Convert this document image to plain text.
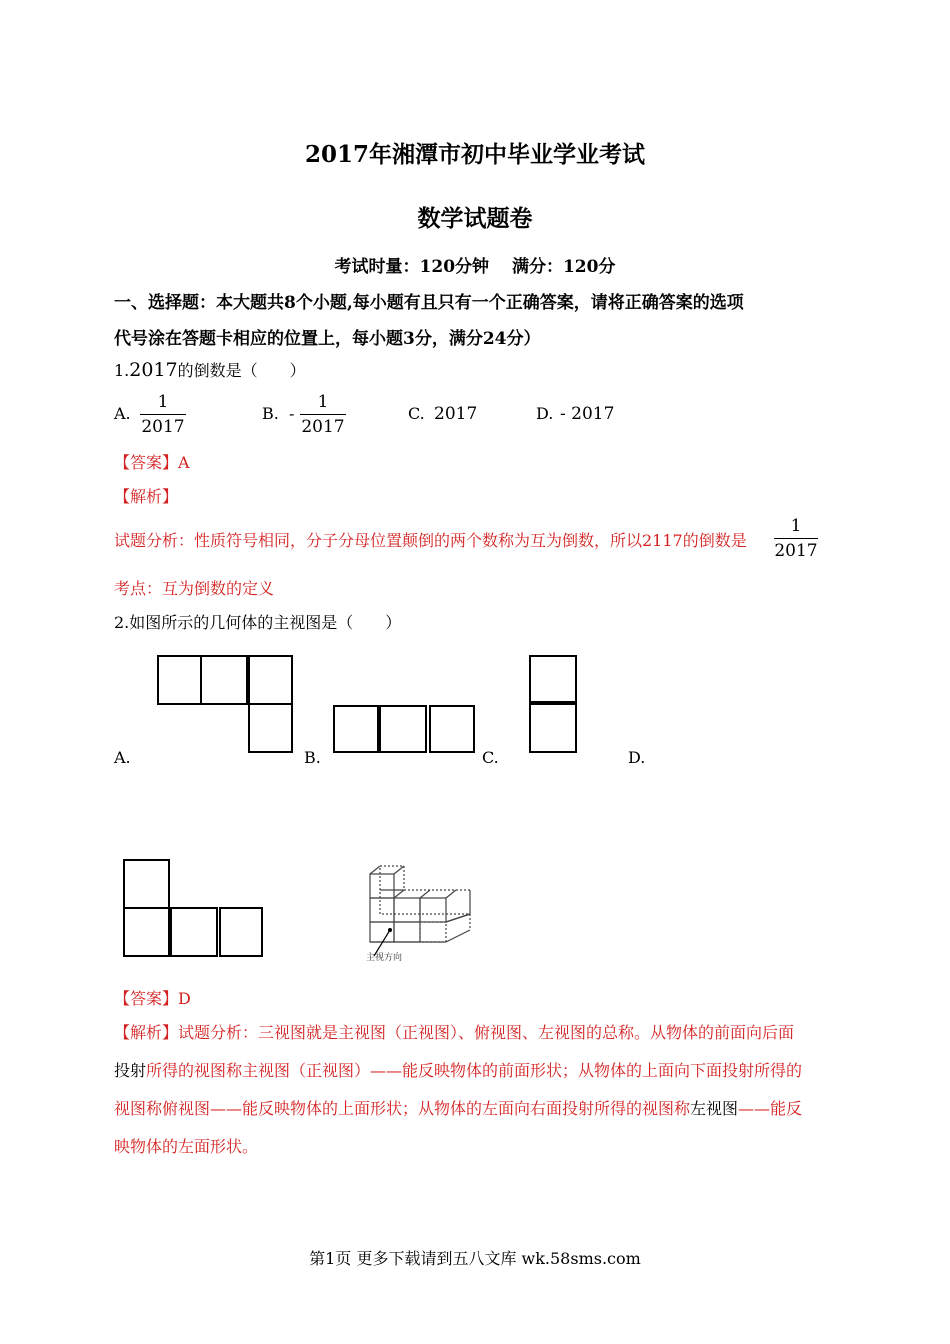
2017年湘潭市初中毕业学业考试
数学试题卷
考试时量：120分钟　 满分：120分
一、选择题：本大题共8个小题,每小题有且只有一个正确答案，请将正确答案的选项
代号涂在答题卡相应的位置上，每小题3分，满分24分）
1.2017的倒数是（　　）
A.
1
2017
B. -
1
2017
C. 2017	D. - 2017
【答案】A
【解析】
试题分析：性质符号相同，分子分母位置颠倒的两个数称为互为倒数，所以2117的倒数是
1
2017
考点：互为倒数的定义
2.如图所示的几何体的主视图是（　　）
A.	B.	C.	D.
主视方向
【答案】D
【解析】试题分析：三视图就是主视图（正视图）、俯视图、左视图的总称。从物体的前面向后面
投射所得的视图称主视图（正视图）——能反映物体的前面形状；从物体的上面向下面投射所得的
视图称俯视图——能反映物体的上面形状；从物体的左面向右面投射所得的视图称左视图——能反
映物体的左面形状。
第1页 更多下载请到五八文库 wk.58sms.com
